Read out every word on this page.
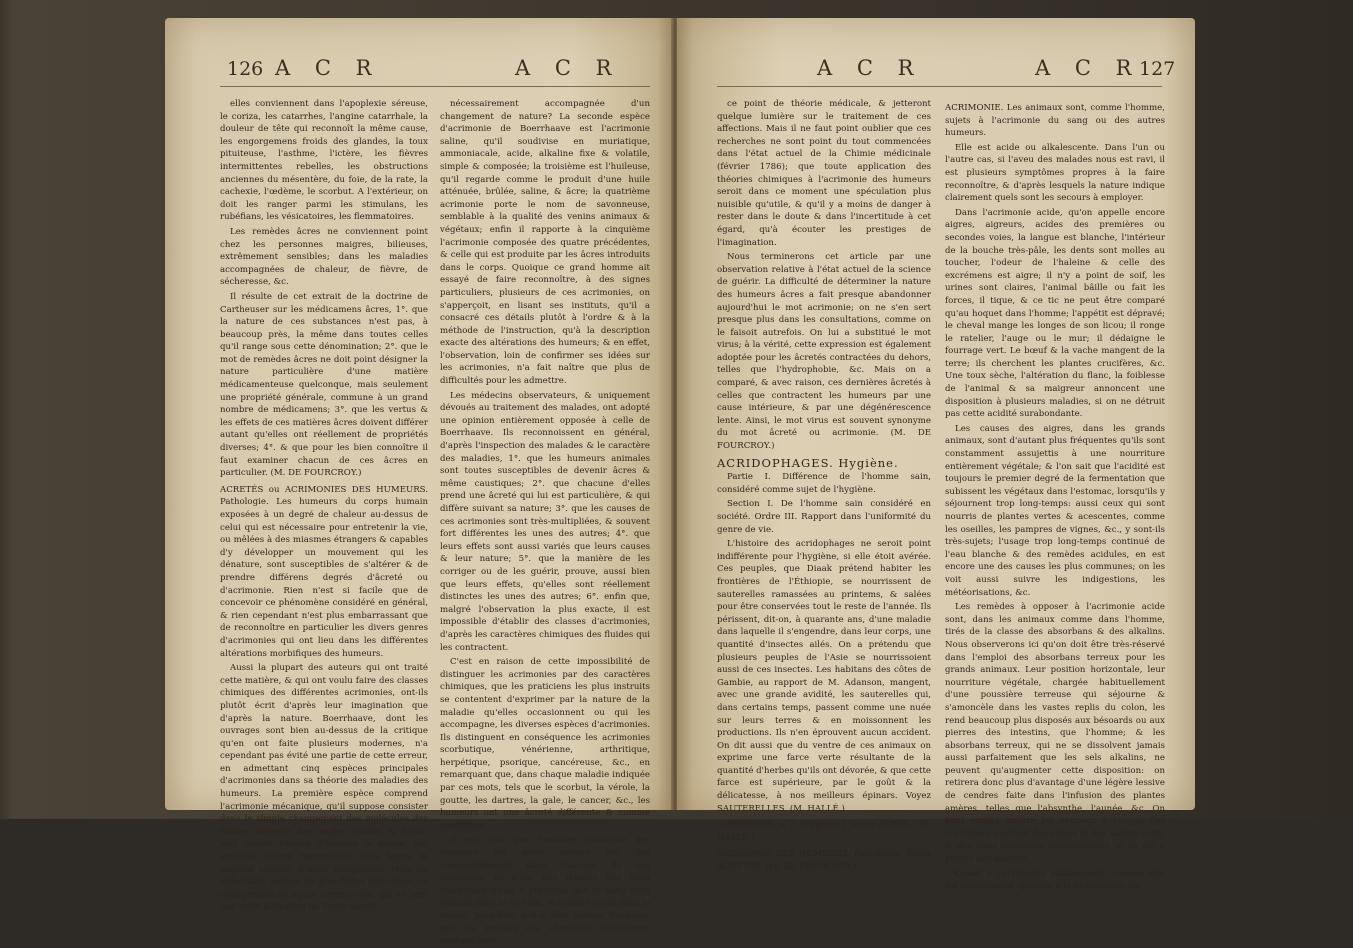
126 A C R	A C R

elles conviennent dans l'apoplexie séreuse, le coriza, les catarrhes, l'angine catarrhale, la douleur de tête qui reconnoît la même cause, les engorgemens froids des glandes, la toux pituiteuse, l'asthme, l'ictère, les fièvres intermittentes rebelles, les obstructions anciennes du mésentère, du foie, de la rate, la cachexie, l'œdème, le scorbut. A l'extérieur, on doit les ranger parmi les stimulans, les rubéfians, les vésicatoires, les flemmatoires.

Les remèdes âcres ne conviennent point chez les personnes maigres, bilieuses, extrêmement sensibles; dans les maladies accompagnées de chaleur, de fièvre, de sécheresse, &c.

Il résulte de cet extrait de la doctrine de Cartheuser sur les médicamens âcres, 1°. que la nature de ces substances n'est pas, à beaucoup près, la même dans toutes celles qu'il range sous cette dénomination; 2°. que le mot de remèdes âcres ne doit point désigner la nature particulière d'une matière médicamenteuse quelconque, mais seulement une propriété générale, commune à un grand nombre de médicamens; 3°. que les vertus & les effets de ces matières âcres doivent différer autant qu'elles ont réellement de propriétés diverses; 4°. & que pour les bien connoître il faut examiner chacun de ces âcres en particulier. (M. DE FOURCROY.)

ACRETÉS ou ACRIMONIES DES HUMEURS. Pathologie. Les humeurs du corps humain exposées à un degré de chaleur au-dessus de celui qui est nécessaire pour entretenir la vie, ou mêlées à des miasmes étrangers & capables d'y développer un mouvement qui les dénature, sont susceptibles de s'altérer & de prendre différens degrés d'âcreté ou d'acrimonie. Rien n'est si facile que de concevoir ce phénomène considéré en général, & rien cependant n'est plus embarrassant que de reconnoître en particulier les divers genres d'acrimonies qui ont lieu dans les différentes altérations morbifiques des humeurs.

Aussi la plupart des auteurs qui ont traité cette matière, & qui ont voulu faire des classes chimiques des différentes acrimonies, ont-ils plutôt écrit d'après leur imagination que d'après la nature. Boerrhaave, dont les ouvrages sont bien au-dessus de la critique qu'en ont faite plusieurs modernes, n'a cependant pas évité une partie de cette erreur, en admettant cinq espèces principales d'acrimonies dans sa théorie des maladies des humeurs. La première espèce comprend l'acrimonie mécanique, qu'il suppose consister dans le simple changement des molécules des fluides devenus des angles solides & aigus, leur nature restant d'ailleurs la même, ubi omnibus iisdem manentibus, sola figura in angulos solidos, acutos, componitur. Mais en admettant, malgré les plus fortes objections, ce changement de figure comme réel, qui ne sent que cette altération de forme seroit

nécessairement accompagnée d'un changement de nature? La seconde espèce d'acrimonie de Boerrhaave est l'acrimonie saline, qu'il soudivise en muriatique, ammoniacale, acide, alkaline fixe & volatile, simple & composée; la troisième est l'huileuse, qu'il regarde comme le produit d'une huile atténuée, brûlée, saline, & âcre; la quatrième acrimonie porte le nom de savonneuse, semblable à la qualité des venins animaux & végétaux; enfin il rapporte à la cinquième l'acrimonie composée des quatre précédentes, & celle qui est produite par les âcres introduits dans le corps. Quoique ce grand homme ait essayé de faire reconnoître, à des signes particuliers, plusieurs de ces acrimonies, on s'apperçoit, en lisant ses instituts, qu'il a consacré ces détails plutôt à l'ordre & à la méthode de l'instruction, qu'à la description exacte des altérations des humeurs; & en effet, l'observation, loin de confirmer ses idées sur les acrimonies, n'a fait naître que plus de difficultés pour les admettre.

Les médecins observateurs, & uniquement dévoués au traitement des malades, ont adopté une opinion entièrement opposée à celle de Boerrhaave. Ils reconnoissent en général, d'après l'inspection des malades & le caractère des maladies, 1°. que les humeurs animales sont toutes susceptibles de devenir âcres & même caustiques; 2°. que chacune d'elles prend une âcreté qui lui est particulière, & qui diffère suivant sa nature; 3°. que les causes de ces acrimonies sont très-multipliées, & souvent fort différentes les unes des autres; 4°. que leurs effets sont aussi variés que leurs causes & leur nature; 5°. que la manière de les corriger ou de les guérir, prouve, aussi bien que leurs effets, qu'elles sont réellement distinctes les unes des autres; 6°. enfin que, malgré l'observation la plus exacte, il est impossible d'établir des classes d'acrimonies, d'après les caractères chimiques des fluides qui les contractent.

C'est en raison de cette impossibilité de distinguer les acrimonies par des caractères chimiques, que les praticiens les plus instruits se contentent d'exprimer par la nature de la maladie qu'elles occasionnent ou qui les accompagne, les diverses espèces d'acrimonies. Ils distinguent en conséquence les acrimonies scorbutique, vénérienne, arthritique, herpétique, psorique, cancéreuse, &c., en remarquant que, dans chaque maladie indiquée par ces mots, tels que le scorbut, la vérole, la goutte, les dartres, la gale, le cancer, &c., les humeurs ont une âcreté différente & comme spécifique.

Il est vrai que l'examen chimique des humeurs n'a point encore été fait convenablement dans chacune de ces affections; ce n'est que d'après des vues théoriques qu'on a prétendu que le sang étoit putride dans le scorbut, la lymphe acide dans la vérole; peut-être doit-il être permis d'espérer que les travaux des chimistes éclairciront quelque jour

A C R	A C R
127

ce point de théorie médicale, & jetteront quelque lumière sur le traitement de ces affections. Mais il ne faut point oublier que ces recherches ne sont point du tout commencées dans l'état actuel de la Chimie médicinale (février 1786); que toute application des théories chimiques à l'acrimonie des humeurs seroit dans ce moment une spéculation plus nuisible qu'utile, & qu'il y a moins de danger à rester dans le doute & dans l'incertitude à cet égard, qu'à écouter les prestiges de l'imagination.

Nous terminerons cet article par une observation relative à l'état actuel de la science de guérir. La difficulté de déterminer la nature des humeurs âcres a fait presque abandonner aujourd'hui le mot acrimonie; on ne s'en sert presque plus dans les consultations, comme on le faisoit autrefois. On lui a substitué le mot virus; à la vérité, cette expression est également adoptée pour les âcretés contractées du dehors, telles que l'hydrophobie, &c. Mais on a comparé, & avec raison, ces dernières âcretés à celles que contractent les humeurs par une cause intérieure, & par une dégénérescence lente. Ainsi, le mot virus est souvent synonyme du mot âcreté ou acrimonie. (M. DE FOURCROY.)

ACRIDOPHAGES. Hygiène.

Partie I. Différence de l'homme sain, considéré comme sujet de l'hygiène.

Section I. De l'homme sain considéré en société. Ordre III. Rapport dans l'uniformité du genre de vie.

L'histoire des acridophages ne seroit point indifférente pour l'hygiène, si elle étoit avérée. Ces peuples, que Diaak prétend habiter les frontières de l'Éthiopie, se nourrissent de sauterelles ramassées au printems, & salées pour être conservées tout le reste de l'année. Ils périssent, dit-on, à quarante ans, d'une maladie dans laquelle il s'engendre, dans leur corps, une quantité d'insectes ailés. On a prétendu que plusieurs peuples de l'Asie se nourrissoient aussi de ces insectes. Les habitans des côtes de Gambie, au rapport de M. Adanson, mangent, avec une grande avidité, les sauterelles qui, dans certains temps, passent comme une nuée sur leurs terres & en moissonnent les productions. Ils n'en éprouvent aucun accident. On dit aussi que du ventre de ces animaux on exprime une farce verte résultante de la quantité d'herbes qu'ils ont dévorée, & que cette farce est supérieure, par le goût & la délicatesse, à nos meilleurs épinars. Voyez SAUTERELLES. (M. HALLÉ.)

ACRIMONIE. s. f. (Hygiène.) Voyez ACRES. (M. HALLÉ.)

ACRIMONIE DES HUMEURS. Pathologie. Voyez ACRETÉS. (M. DE FOURCROY.)

ACRIMONIE. Les animaux sont, comme l'homme, sujets à l'acrimonie du sang ou des autres humeurs.

Elle est acide ou alkalescente. Dans l'un ou l'autre cas, si l'aveu des malades nous est ravi, il est plusieurs symptômes propres à la faire reconnoître, & d'après lesquels la nature indique clairement quels sont les secours à employer.

Dans l'acrimonie acide, qu'on appelle encore aigres, aigreurs, acides des premières ou secondes voies, la langue est blanche, l'intérieur de la bouche très-pâle, les dents sont molles au toucher, l'odeur de l'haleine & celle des excrémens est aigre; il n'y a point de soif, les urines sont claires, l'animal bâille ou fait les forces, il tique, & ce tic ne peut être comparé qu'au hoquet dans l'homme; l'appétit est dépravé; le cheval mange les longes de son licou; il ronge le ratelier, l'auge ou le mur; il dédaigne le fourrage vert. Le bœuf & la vache mangent de la terre; ils cherchent les plantes crucifères, &c. Une toux sèche, l'altération du flanc, la foiblesse de l'animal & sa maigreur annoncent une disposition à plusieurs maladies, si on ne détruit pas cette acidité surabondante.

Les causes des aigres, dans les grands animaux, sont d'autant plus fréquentes qu'ils sont constamment assujettis à une nourriture entièrement végétale; & l'on sait que l'acidité est toujours le premier degré de la fermentation que subissent les végétaux dans l'estomac, lorsqu'ils y séjournent trop long-temps: aussi ceux qui sont nourris de plantes vertes & acescentes, comme les oseilles, les pampres de vignes, &c., y sont-ils très-sujets; l'usage trop long-temps continué de l'eau blanche & des remèdes acidules, en est encore une des causes les plus communes; on les voit aussi suivre les indigestions, les météorisations, &c.

Les remèdes à opposer à l'acrimonie acide sont, dans les animaux comme dans l'homme, tirés de la classe des absorbans & des alkalins. Nous observerons ici qu'on doit être très-réservé dans l'emploi des absorbans terreux pour les grands animaux. Leur position horizontale, leur nourriture végétale, chargée habituellement d'une poussière terreuse qui séjourne & s'amoncèle dans les vastes replis du colon, les rend beaucoup plus disposés aux bésoards ou aux pierres des intestins, que l'homme; & les absorbans terreux, qui ne se dissolvent jamais aussi parfaitement que les sels alkalins, ne peuvent qu'augmenter cette disposition: on retirera donc plus d'avantage d'une légère lessive de cendres faite dans l'infusion des plantes amères, telles que l'absynthe, l'aunée, &c. On peut encore mettre les animaux à l'usage des crucifères, sur-tout des choux & des navets cuits, & des eaux minérales ferrugineuses, si on est à portée des sources.

Quant à l'acrimonie alkalescente, comme elle est entièrement opposée à la précédente, les
